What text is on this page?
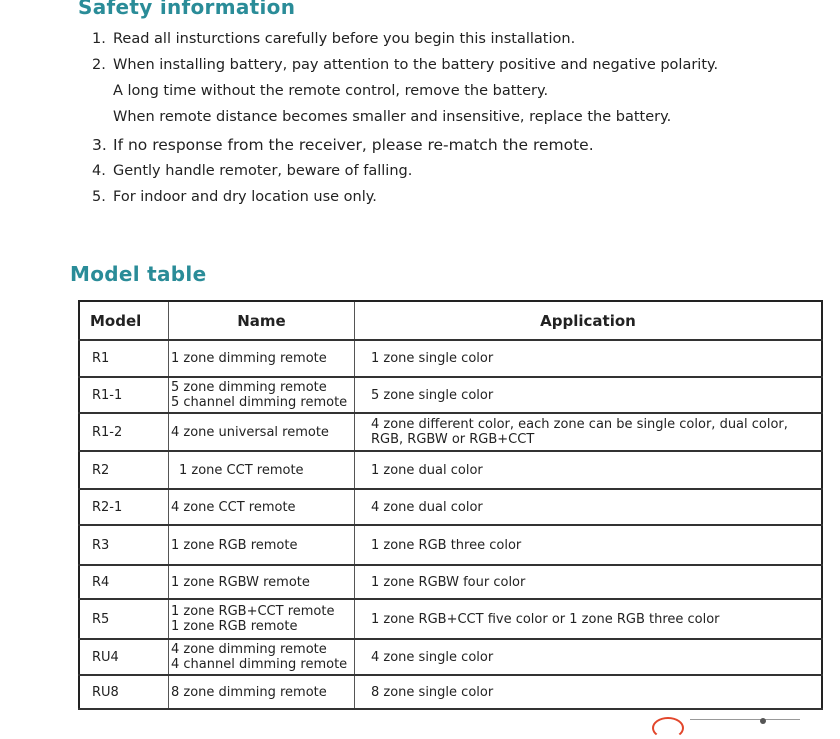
Safety information
1. Read all insturctions carefully before you begin this installation.
2. When installing battery, pay attention to the battery positive and negative polarity.
A long time without the remote control, remove the battery.
When remote distance becomes smaller and insensitive, replace the battery.
3. If no response from the receiver, please re-match the remote.
4. Gently handle remoter, beware of falling.
5. For indoor and dry location use only.
Model table
Model	Name	Application
R1	1 zone dimming remote	1 zone single color

R1-1	5 zone dimming remote
5 channel dimming remote	5 zone single color

R1-2	4 zone universal remote	4 zone different color, each zone can be single color, dual color,
RGB, RGBW or RGB+CCT

R2	1 zone CCT remote	1 zone dual color

R2-1	4 zone CCT remote	4 zone dual color

R3	1 zone RGB remote	1 zone RGB three color

R4	1 zone RGBW remote	1 zone RGBW four color

R5	1 zone RGB+CCT remote
1 zone RGB remote	1 zone RGB+CCT five color or 1 zone RGB three color

RU4	4 zone dimming remote
4 channel dimming remote	4 zone single color

RU8	8 zone dimming remote	8 zone single color
